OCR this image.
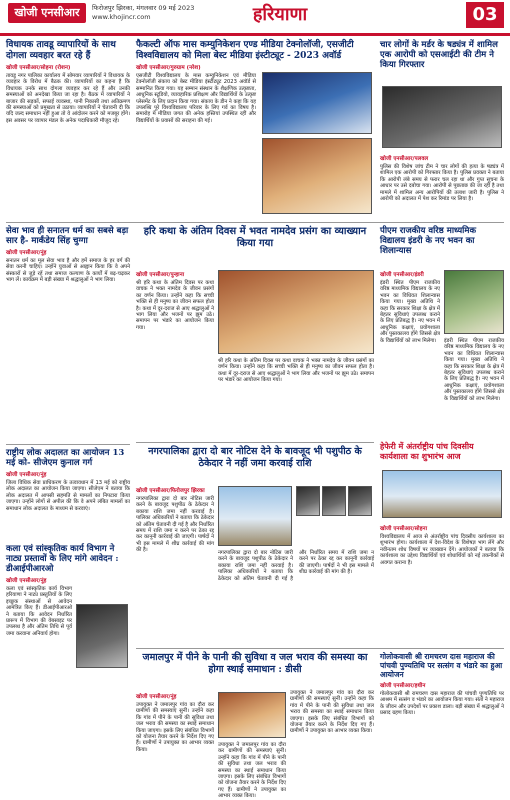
खोजी एनसीआर	फिरोजपुर झिरका, मंगलवार 09 मई 2023
www.khojincr.com	हरियाणा	03
विधायक तावडू व्यापारियों के साथ दोगला व्यवहार बरत रहे हैं
खोजी एनसीआर/सोहना (रोशन)
तावडू नगर पालिका कार्यालय में सोमवार व्यापारियों ने विधायक के व्यवहार के विरोध में बैठक की। व्यापारियों का कहना है कि विधायक उनके साथ दोगला व्यवहार कर रहे हैं और उनकी समस्याओं को अनदेखा किया जा रहा है। बैठक में व्यापारियों ने बाजार की सड़कों, सफाई व्यवस्था, पानी निकासी तथा अतिक्रमण की समस्याओं को प्रमुखता से उठाया। व्यापारियों ने चेतावनी दी कि यदि जल्द समाधान नहीं हुआ तो वे आंदोलन करने को मजबूर होंगे। इस अवसर पर व्यापार मंडल के अनेक पदाधिकारी मौजूद रहे।
फैकल्टी ऑफ मास कम्युनिकेशन एण्ड मीडिया टेक्नोलॉजी, एसजीटी विश्वविद्यालय को मिला बेस्ट मीडिया इंस्टीट्यूट - 2023 अवॉर्ड
खोजी एनसीआर/गुरुग्राम (नरेश)
एसजीटी विश्वविद्यालय के मास कम्युनिकेशन एवं मीडिया टेक्नोलॉजी संकाय को बेस्ट मीडिया इंस्टीट्यूट 2023 अवॉर्ड से सम्मानित किया गया। यह सम्मान संस्थान के शैक्षणिक उत्कृष्टता, आधुनिक स्टूडियो, व्यावहारिक प्रशिक्षण और विद्यार्थियों के उत्कृष्ट प्लेसमेंट के लिए प्रदान किया गया। संकाय के डीन ने कहा कि यह उपलब्धि पूरे विश्वविद्यालय परिवार के लिए गर्व का विषय है। समारोह में मीडिया जगत की अनेक हस्तियां उपस्थित रहीं और विद्यार्थियों के प्रयासों की सराहना की गई।
चार लोगों के मर्डर के षड्यंत्र में शामिल एक आरोपी को एसआईटी की टीम ने किया गिरफ्तार
खोजी एनसीआर/पलवल
पुलिस की विशेष जांच टीम ने चार लोगों की हत्या के षड्यंत्र में शामिल एक आरोपी को गिरफ्तार किया है। पुलिस प्रवक्ता ने बताया कि आरोपी लंबे समय से फरार चल रहा था और गुप्त सूचना के आधार पर उसे दबोचा गया। आरोपी से पूछताछ की जा रही है तथा मामले में शामिल अन्य आरोपियों की तलाश जारी है। पुलिस ने आरोपी को अदालत में पेश कर रिमांड पर लिया है।
सेवा भाव ही सनातन धर्म का सबसे बड़ा सार है- मार्कंडेय सिंह चुग्गा
खोजी एनसीआर/नूंह
सनातन धर्म का मूल सेवा भाव है और हमें समाज के हर वर्ग की सेवा करनी चाहिए। उन्होंने युवाओं से आह्वान किया कि वे अपने संस्कारों से जुड़े रहें तथा समाज कल्याण के कार्यों में बढ़-चढ़कर भाग लें। कार्यक्रम में बड़ी संख्या में श्रद्धालुओं ने भाग लिया।
हरि कथा के अंतिम दिवस में भवत नामदेव प्रसंग का व्याख्यान किया गया
खोजी एनसीआर/पुन्हाना
श्री हरि कथा के अंतिम दिवस पर कथा वाचक ने भक्त नामदेव के जीवन प्रसंगों का वर्णन किया। उन्होंने कहा कि सच्ची भक्ति से ही मनुष्य का जीवन सफल होता है। कथा में दूर-दराज से आए श्रद्धालुओं ने भाग लिया और भजनों पर झूम उठे। समापन पर भंडारे का आयोजन किया गया।
श्री हरि कथा के अंतिम दिवस पर कथा वाचक ने भक्त नामदेव के जीवन प्रसंगों का वर्णन किया। उन्होंने कहा कि सच्ची भक्ति से ही मनुष्य का जीवन सफल होता है। कथा में दूर-दराज से आए श्रद्धालुओं ने भाग लिया और भजनों पर झूम उठे। समापन पर भंडारे का आयोजन किया गया।
पीएम राजकीय वरिष्ठ माध्यमिक विद्यालय इंडरी के नए भवन का शिलान्यास
खोजी एनसीआर/इंडरी
इंडरी स्थित पीएम राजकीय वरिष्ठ माध्यमिक विद्यालय के नए भवन का विधिवत शिलान्यास किया गया। मुख्य अतिथि ने कहा कि सरकार शिक्षा के क्षेत्र में बेहतर सुविधाएं उपलब्ध कराने के लिए प्रतिबद्ध है। नए भवन में आधुनिक कक्षाएं, प्रयोगशाला और पुस्तकालय होंगे जिससे क्षेत्र के विद्यार्थियों को लाभ मिलेगा।	इंडरी स्थित पीएम राजकीय वरिष्ठ माध्यमिक विद्यालय के नए भवन का विधिवत शिलान्यास किया गया। मुख्य अतिथि ने कहा कि सरकार शिक्षा के क्षेत्र में बेहतर सुविधाएं उपलब्ध कराने के लिए प्रतिबद्ध है। नए भवन में आधुनिक कक्षाएं, प्रयोगशाला और पुस्तकालय होंगे जिससे क्षेत्र के विद्यार्थियों को लाभ मिलेगा।
हेफेरी में अंतर्राष्ट्रीय पांच दिवसीय कार्यशाला का शुभारंभ आज
नगरपालिका द्वारा दो बार नोटिस देने के बावजूद भी पशुपीठ के ठेकेदार ने नहीं जमा करवाई राशि
खोजी एनसीआर/फिरोजपुर झिरका
नगरपालिका द्वारा दो बार नोटिस जारी करने के बावजूद पशुपीठ के ठेकेदार ने बकाया राशि जमा नहीं करवाई है। पालिका अधिकारियों ने बताया कि ठेकेदार को अंतिम चेतावनी दी गई है और निर्धारित समय में राशि जमा न करने पर ठेका रद्द कर कानूनी कार्रवाई की जाएगी। पार्षदों ने भी इस मामले में शीघ्र कार्रवाई की मांग की है।	नगरपालिका द्वारा दो बार नोटिस जारी करने के बावजूद पशुपीठ के ठेकेदार ने बकाया राशि जमा नहीं करवाई है। पालिका अधिकारियों ने बताया कि ठेकेदार को अंतिम चेतावनी दी गई है और निर्धारित समय में राशि जमा न करने पर ठेका रद्द कर कानूनी कार्रवाई की जाएगी। पार्षदों ने भी इस मामले में शीघ्र कार्रवाई की मांग की है।
खोजी एनसीआर/सोहना
विश्वविद्यालय में आज से अंतर्राष्ट्रीय पांच दिवसीय कार्यशाला का शुभारंभ होगा। कार्यशाला में देश-विदेश के विशेषज्ञ भाग लेंगे और नवीनतम शोध विषयों पर व्याख्यान देंगे। आयोजकों ने बताया कि कार्यशाला का उद्देश्य विद्यार्थियों एवं शोधार्थियों को नई तकनीकों से अवगत कराना है।
राष्ट्रीय लोक अदालत का आयोजन 13 मई को- सीजेएम कुनाल गर्ग
खोजी एनसीआर/नूंह
जिला विधिक सेवा प्राधिकरण के तत्वावधान में 13 मई को राष्ट्रीय लोक अदालत का आयोजन किया जाएगा। सीजेएम ने बताया कि लोक अदालत में आपसी सहमति से मामलों का निपटारा किया जाएगा। उन्होंने लोगों से अपील की कि वे अपने लंबित मामलों का समाधान लोक अदालत के माध्यम से करवाएं।
कला एवं सांस्कृतिक कार्य विभाग ने नाट्य प्रस्तावों के लिए मांगे आवेदन : डीआईपीआरओ
खोजी एनसीआर/नूंह
कला एवं सांस्कृतिक कार्य विभाग हरियाणा ने नाट्य प्रस्तुतियों के लिए इच्छुक संस्थाओं से आवेदन आमंत्रित किए हैं। डीआईपीआरओ ने बताया कि आवेदन निर्धारित प्रारूप में विभाग की वेबसाइट पर उपलब्ध है और अंतिम तिथि से पूर्व जमा करवाना अनिवार्य होगा।
जमालपुर में पीने के पानी की सुविधा व जल भराव की समस्या का होगा स्थाई समाधान : डीसी
खोजी एनसीआर/नूंह
उपायुक्त ने जमालपुर गांव का दौरा कर ग्रामीणों की समस्याएं सुनीं। उन्होंने कहा कि गांव में पीने के पानी की सुविधा तथा जल भराव की समस्या का स्थाई समाधान किया जाएगा। इसके लिए संबंधित विभागों को योजना तैयार करने के निर्देश दिए गए हैं। ग्रामीणों ने उपायुक्त का आभार व्यक्त किया।
उपायुक्त ने जमालपुर गांव का दौरा कर ग्रामीणों की समस्याएं सुनीं। उन्होंने कहा कि गांव में पीने के पानी की सुविधा तथा जल भराव की समस्या का स्थाई समाधान किया जाएगा। इसके लिए संबंधित विभागों को योजना तैयार करने के निर्देश दिए गए हैं। ग्रामीणों ने उपायुक्त का आभार व्यक्त किया।
उपायुक्त ने जमालपुर गांव का दौरा कर ग्रामीणों की समस्याएं सुनीं। उन्होंने कहा कि गांव में पीने के पानी की सुविधा तथा जल भराव की समस्या का स्थाई समाधान किया जाएगा। इसके लिए संबंधित विभागों को योजना तैयार करने के निर्देश दिए गए हैं। ग्रामीणों ने उपायुक्त का आभार व्यक्त किया।
गोलोकवासी श्री रामचरण दास महाराज की पांचवी पुण्यतिथि पर सत्संग व भंडारे का हुआ आयोजन
खोजी एनसीआर/हथीन
गोलोकवासी श्री रामचरण दास महाराज की पांचवी पुण्यतिथि पर आश्रम में सत्संग व भंडारे का आयोजन किया गया। संतों ने महाराज के जीवन और उपदेशों पर प्रकाश डाला। बड़ी संख्या में श्रद्धालुओं ने प्रसाद ग्रहण किया।
